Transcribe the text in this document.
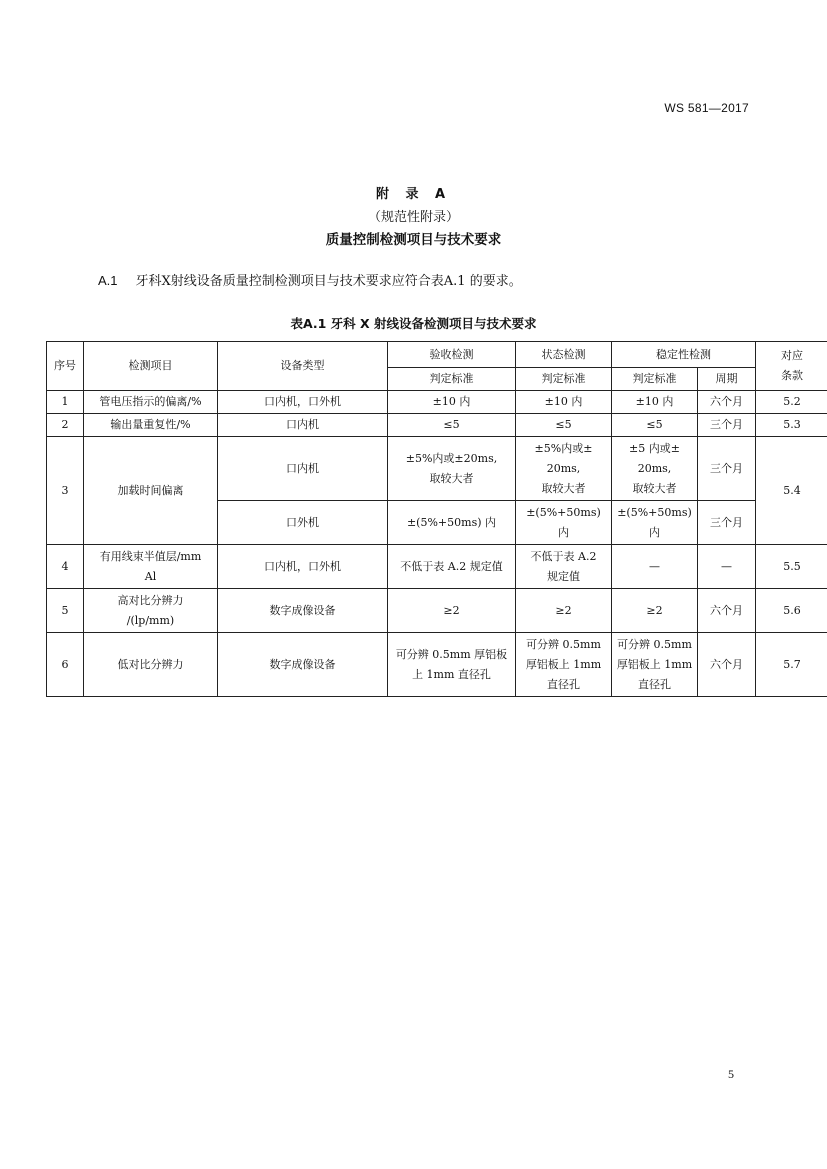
WS 581—2017
附 录 A
（规范性附录）
质量控制检测项目与技术要求
A.1 牙科X射线设备质量控制检测项目与技术要求应符合表A.1 的要求。
表A.1 牙科 X 射线设备检测项目与技术要求
序号	检测项目	设备类型	验收检测	状态检测	稳定性检测		对应条款
			判定标准	判定标准	判定标准	周期	
1	管电压指示的偏离/%	口内机，口外机	±10 内	±10 内	±10 内	六个月	5.2
2	输出量重复性/%	口内机	≤5	≤5	≤5	三个月	5.3
3	加载时间偏离	口内机	±5%内或±20ms,
取较大者	±5%内或±
20ms,
取较大者	±5 内或±
20ms,
取较大者	三个月	5.4
		口外机	±(5%+50ms) 内	±(5%+50ms)
内	±(5%+50ms)
内	三个月	
4	有用线束半值层/mm
Al	口内机，口外机	不低于表 A.2 规定值	不低于表 A.2
规定值	—	—	5.5
5	高对比分辨力
/(lp/mm)	数字成像设备	≥2	≥2	≥2	六个月	5.6
6	低对比分辨力	数字成像设备	可分辨 0.5mm 厚铝板
上 1mm 直径孔	可分辨 0.5mm
厚铝板上 1mm
直径孔	可分辨 0.5mm
厚铝板上 1mm
直径孔	六个月	5.7
5
